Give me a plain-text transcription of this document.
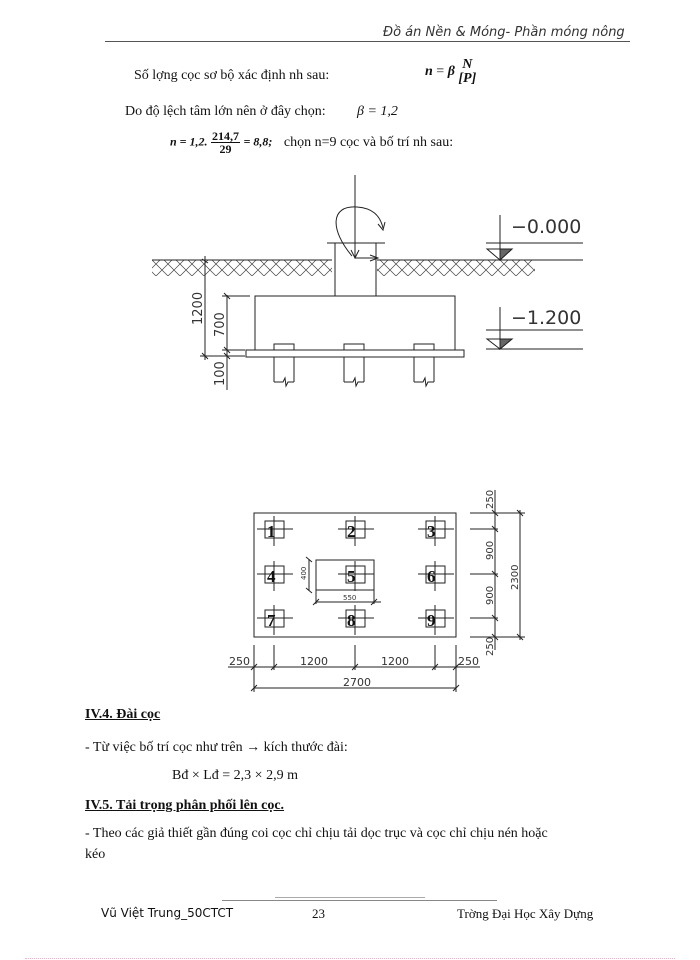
Đồ án Nền & Móng- Phần móng nông
Số lợng cọc sơ bộ xác định nh sau:	n = β N
[P]
Do độ lệch tâm lớn nên ở đây chọn: β = 1,2
n = 1,2. $\frac{214,7}{29} = 8,8$; chọn n=9 cọc và bố trí nh sau:
1200 700
100
−0.000
−1.200
400
550
1	2	3
4	5	6
7	8	9
250
900
900
250
2300
250	1200	1200	250
2700
IV.4. Đài cọc
- Từ việc bố trí cọc như trên → kích thước đài:
Bđ × Lđ = 2,3 × 2,9 m
IV.5. Tải trọng phân phối lên cọc.
- Theo các giả thiết gần đúng coi cọc chỉ chịu tải dọc trục và cọc chỉ chịu nén hoặc
kéo
Vũ Việt Trung_50CTCT	23	Trờng Đại Học Xây Dựng
